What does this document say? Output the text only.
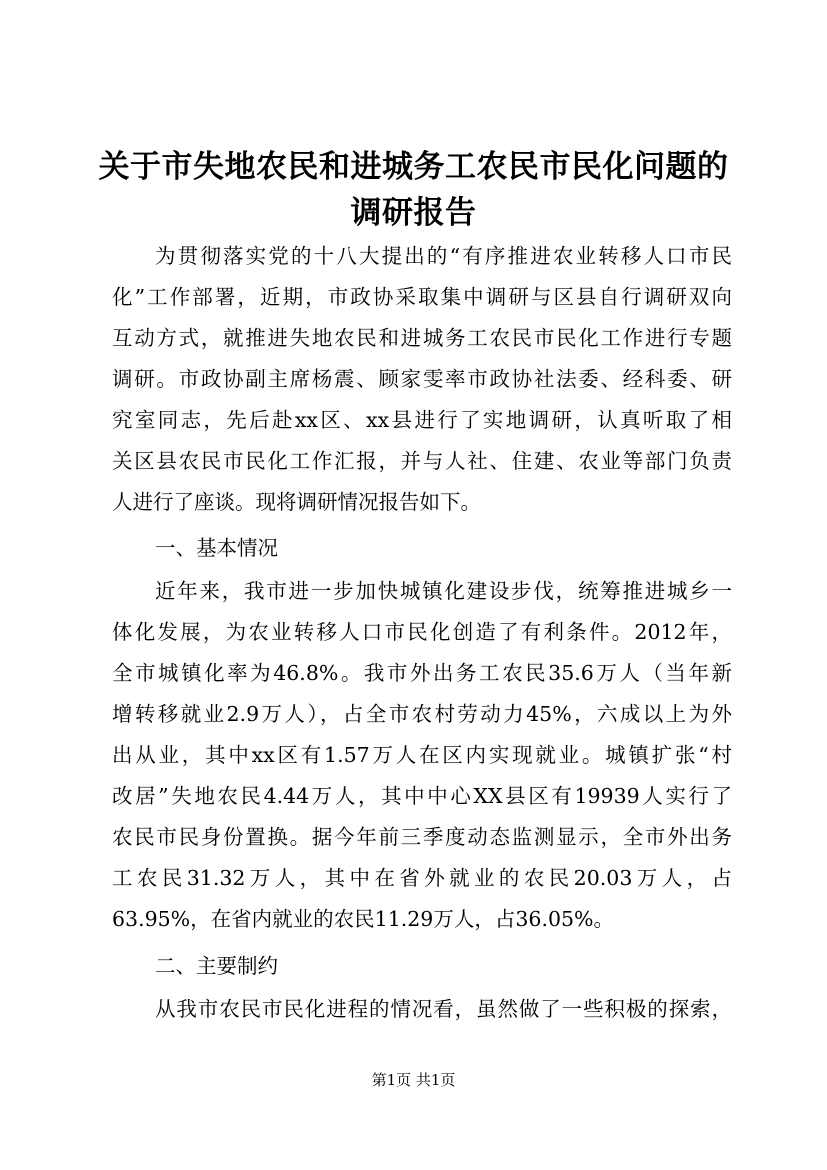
关于市失地农民和进城务工农民市民化问题的
调研报告
为贯彻落实党的十八大提出的“有序推进农业转移人口市民
化”工作部署，近期，市政协采取集中调研与区县自行调研双向
互动方式，就推进失地农民和进城务工农民市民化工作进行专题
调研。市政协副主席杨震、顾家雯率市政协社法委、经科委、研
究室同志，先后赴xx区、xx县进行了实地调研，认真听取了相
关区县农民市民化工作汇报，并与人社、住建、农业等部门负责
人进行了座谈。现将调研情况报告如下。
一、基本情况
近年来，我市进一步加快城镇化建设步伐，统筹推进城乡一
体化发展，为农业转移人口市民化创造了有利条件。2012年，
全市城镇化率为46.8%。我市外出务工农民35.6万人（当年新
增转移就业2.9万人），占全市农村劳动力45%，六成以上为外
出从业，其中xx区有1.57万人在区内实现就业。城镇扩张“村
改居”失地农民4.44万人，其中中心XX县区有19939人实行了
农民市民身份置换。据今年前三季度动态监测显示，全市外出务
工农民31.32万人，其中在省外就业的农民20.03万人，占
63.95%，在省内就业的农民11.29万人，占36.05%。
二、主要制约
从我市农民市民化进程的情况看，虽然做了一些积极的探索，
第1页 共1页
